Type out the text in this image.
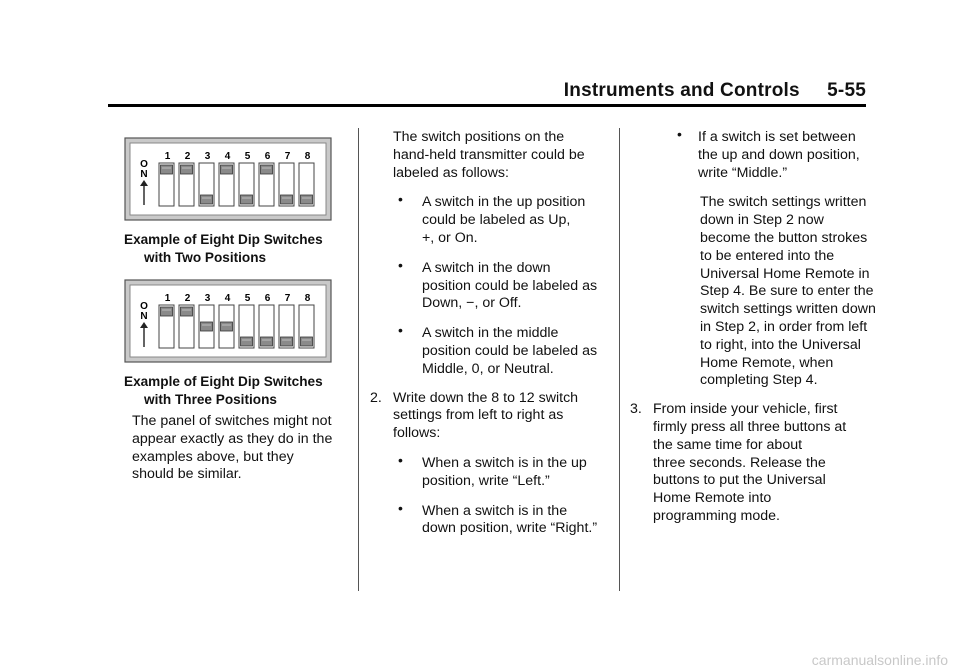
Instruments and Controls     5-55
O
N
1 2 3 4 5 6 7 8
Example of Eight Dip Switches
with Two Positions
O
N
1 2 3 4 5 6 7 8
Example of Eight Dip Switches
with Three Positions

The panel of switches might not

appear exactly as they do in the

examples above, but they

should be similar.

The switch positions on the

hand-held transmitter could be

labeled as follows:

• A switch in the up position

could be labeled as Up,

+, or On.

• A switch in the down

position could be labeled as

Down, −, or Off.

• A switch in the middle

position could be labeled as

Middle, 0, or Neutral.

2. Write down the 8 to 12 switch

settings from left to right as

follows:

• When a switch is in the up

position, write “Left.”

• When a switch is in the

down position, write “Right.”

• If a switch is set between

the up and down position,

write “Middle.”

The switch settings written

down in Step 2 now

become the button strokes

to be entered into the

Universal Home Remote in

Step 4. Be sure to enter the

switch settings written down

in Step 2, in order from left

to right, into the Universal

Home Remote, when

completing Step 4.

3. From inside your vehicle, first

firmly press all three buttons at

the same time for about

three seconds. Release the

buttons to put the Universal

Home Remote into

programming mode.

carmanualsonline.info
